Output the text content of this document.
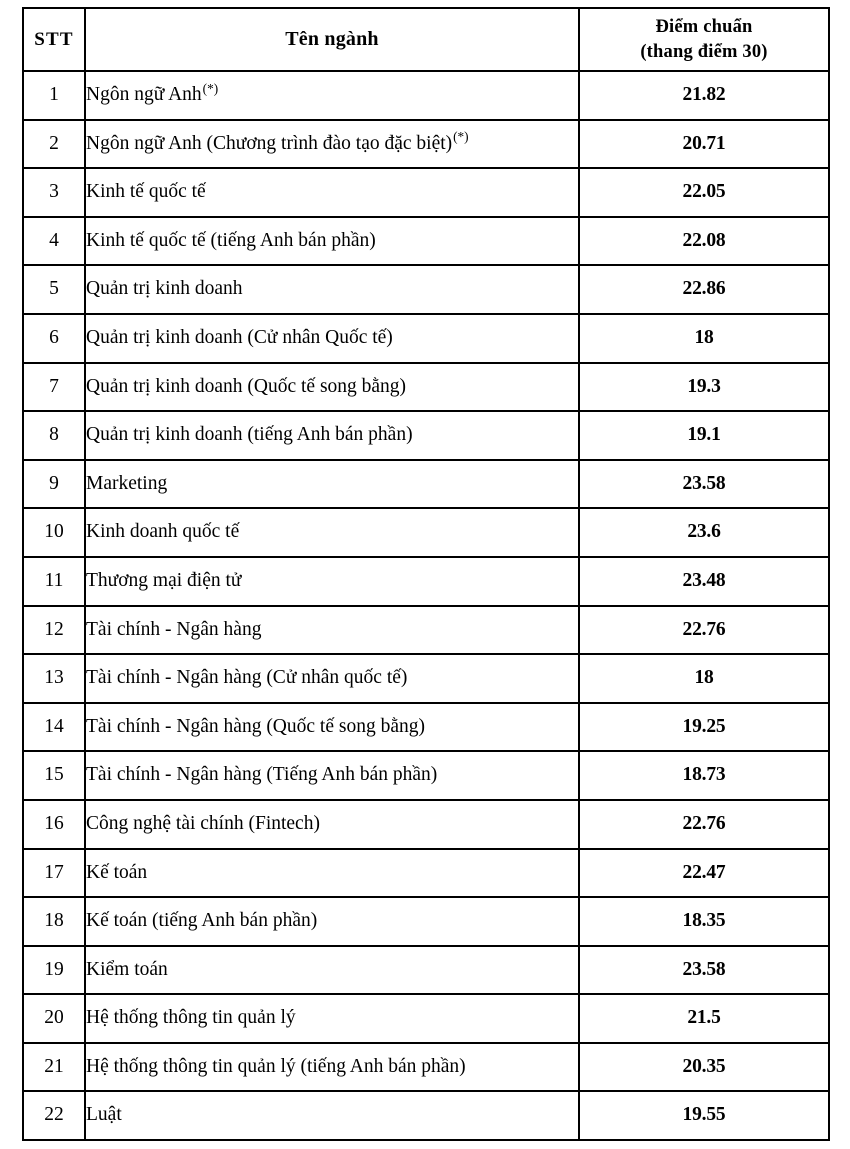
STT	Tên ngành	Điểm chuẩn
(thang điểm 30)

1	Ngôn ngữ Anh(*)	21.82
2	Ngôn ngữ Anh (Chương trình đào tạo đặc biệt)(*)	20.71
3	Kinh tế quốc tế	22.05
4	Kinh tế quốc tế (tiếng Anh bán phần)	22.08
5	Quản trị kinh doanh	22.86
6	Quản trị kinh doanh (Cử nhân Quốc tế)	18
7	Quản trị kinh doanh (Quốc tế song bằng)	19.3
8	Quản trị kinh doanh (tiếng Anh bán phần)	19.1
9	Marketing	23.58
10	Kinh doanh quốc tế	23.6
11	Thương mại điện tử	23.48
12	Tài chính - Ngân hàng	22.76
13	Tài chính - Ngân hàng (Cử nhân quốc tế)	18
14	Tài chính - Ngân hàng (Quốc tế song bằng)	19.25
15	Tài chính - Ngân hàng (Tiếng Anh bán phần)	18.73
16	Công nghệ tài chính (Fintech)	22.76
17	Kế toán	22.47
18	Kế toán (tiếng Anh bán phần)	18.35
19	Kiểm toán	23.58
20	Hệ thống thông tin quản lý	21.5
21	Hệ thống thông tin quản lý (tiếng Anh bán phần)	20.35
22	Luật	19.55
